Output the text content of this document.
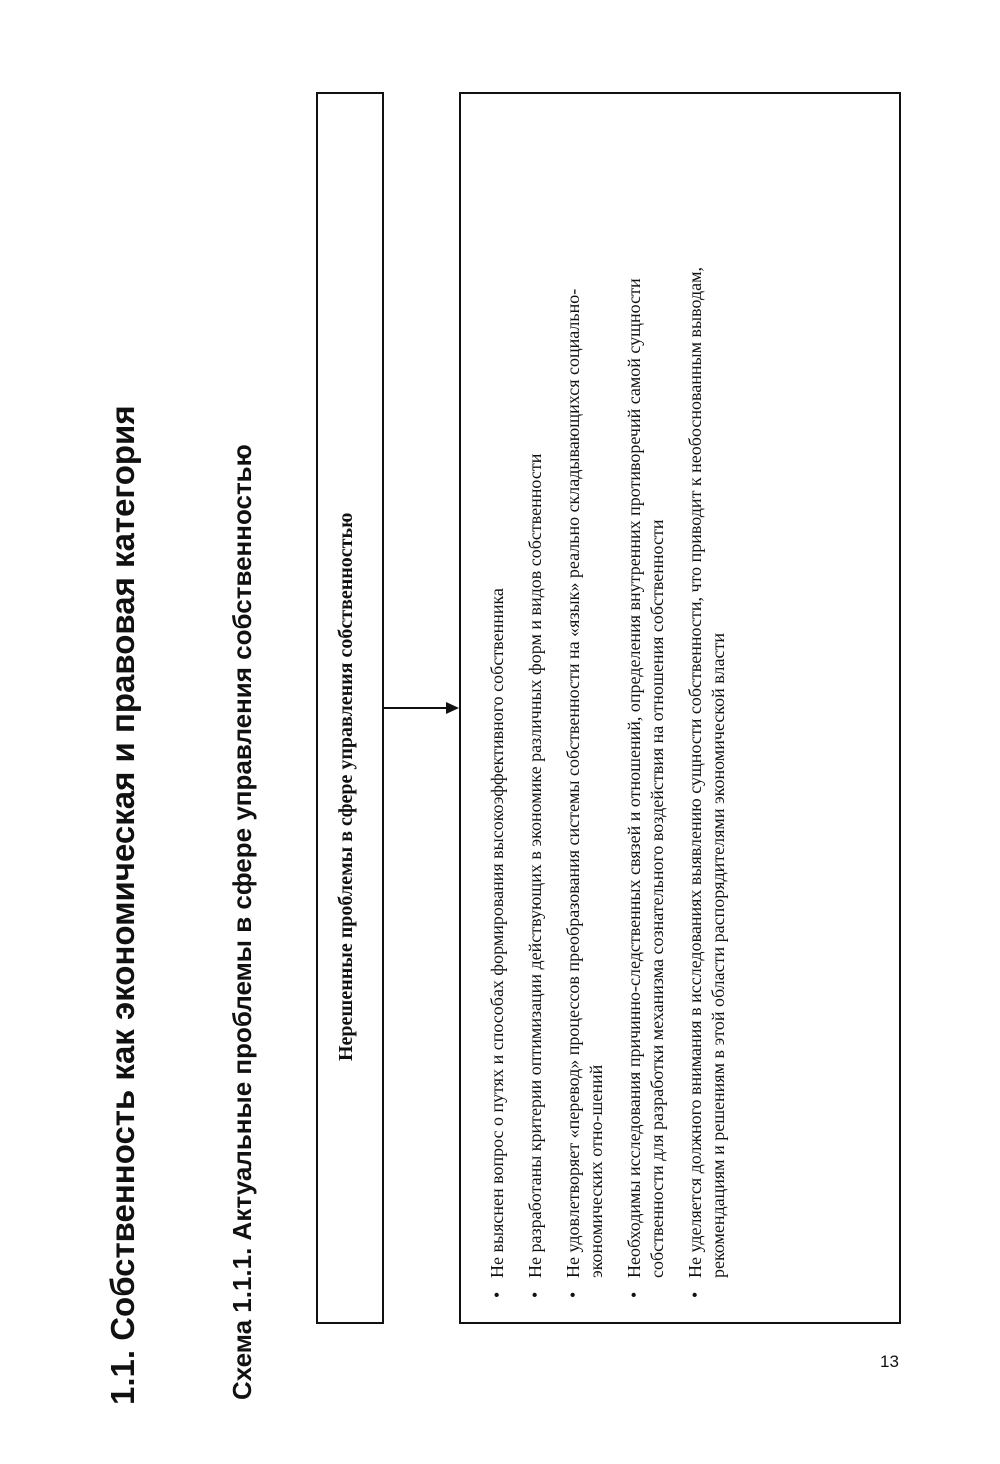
1.1. Собственность как экономическая и правовая категория	Схема 1.1.1. Актуальные проблемы в сфере управления собственностью	Нерешенные проблемы в сфере управления собственностью
•
Не выяснен вопрос о путях и способах формирования высокоэффективного собственника
•
Не разработаны критерии оптимизации действующих в экономике различных форм и видов собственности
•
Не удовлетворяет «перевод» процессов преобразования системы собственности на «язык» реально складывающихся социально-экономических отно-шений
•
Необходимы исследования причинно-следственных связей и отношений, определения внутренних противоречий самой сущности собственности для разработки механизма сознательного воздействия на отношения собственности
•
Не уделяется должного внимания в исследованиях выявлению сущности собственности, что приводит к необоснованным выводам, рекомендациям и решениям в этой области распорядителями экономической власти
13
